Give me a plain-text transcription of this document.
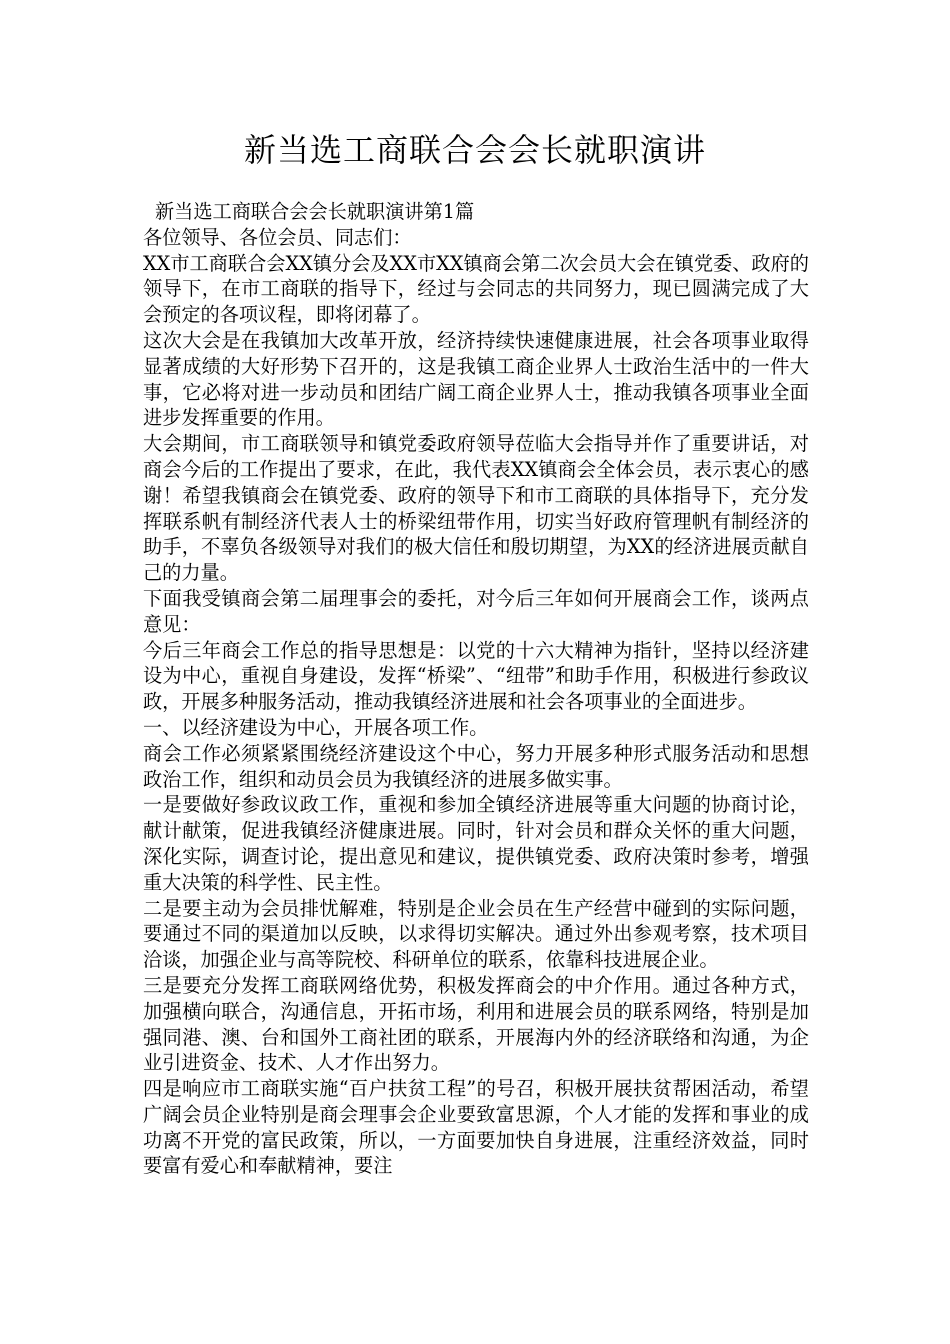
新当选工商联合会会长就职演讲

新当选工商联合会会长就职演讲第1篇

各位领导、各位会员、同志们：

XX市工商联合会XX镇分会及XX市XX镇商会第二次会员大会在镇党委、政府的领导下，在市工商联的指导下，经过与会同志的共同努力，现已圆满完成了大会预定的各项议程，即将闭幕了。

这次大会是在我镇加大改革开放，经济持续快速健康进展，社会各项事业取得显著成绩的大好形势下召开的，这是我镇工商企业界人士政治生活中的一件大事，它必将对进一步动员和团结广阔工商企业界人士，推动我镇各项事业全面进步发挥重要的作用。

大会期间，市工商联领导和镇党委政府领导莅临大会指导并作了重要讲话，对商会今后的工作提出了要求，在此，我代表XX镇商会全体会员，表示衷心的感谢！希望我镇商会在镇党委、政府的领导下和市工商联的具体指导下，充分发挥联系帆有制经济代表人士的桥梁纽带作用，切实当好政府管理帆有制经济的助手，不辜负各级领导对我们的极大信任和殷切期望，为XX的经济进展贡献自己的力量。

下面我受镇商会第二届理事会的委托，对今后三年如何开展商会工作，谈两点意见：

今后三年商会工作总的指导思想是：以党的十六大精神为指针，坚持以经济建设为中心，重视自身建设，发挥“桥梁”、“纽带”和助手作用，积极进行参政议政，开展多种服务活动，推动我镇经济进展和社会各项事业的全面进步。

一、以经济建设为中心，开展各项工作。

商会工作必须紧紧围绕经济建设这个中心，努力开展多种形式服务活动和思想政治工作，组织和动员会员为我镇经济的进展多做实事。

一是要做好参政议政工作，重视和参加全镇经济进展等重大问题的协商讨论，献计献策，促进我镇经济健康进展。同时，针对会员和群众关怀的重大问题，深化实际，调查讨论，提出意见和建议，提供镇党委、政府决策时参考，增强重大决策的科学性、民主性。

二是要主动为会员排忧解难，特别是企业会员在生产经营中碰到的实际问题，要通过不同的渠道加以反映，以求得切实解决。通过外出参观考察，技术项目洽谈，加强企业与高等院校、科研单位的联系，依靠科技进展企业。

三是要充分发挥工商联网络优势，积极发挥商会的中介作用。通过各种方式，加强横向联合，沟通信息，开拓市场，利用和进展会员的联系网络，特别是加强同港、澳、台和国外工商社团的联系，开展海内外的经济联络和沟通，为企业引进资金、技术、人才作出努力。

四是响应市工商联实施“百户扶贫工程”的号召，积极开展扶贫帮困活动，希望广阔会员企业特别是商会理事会企业要致富思源，个人才能的发挥和事业的成功离不开党的富民政策，所以，一方面要加快自身进展，注重经济效益，同时要富有爱心和奉献精神，要注
